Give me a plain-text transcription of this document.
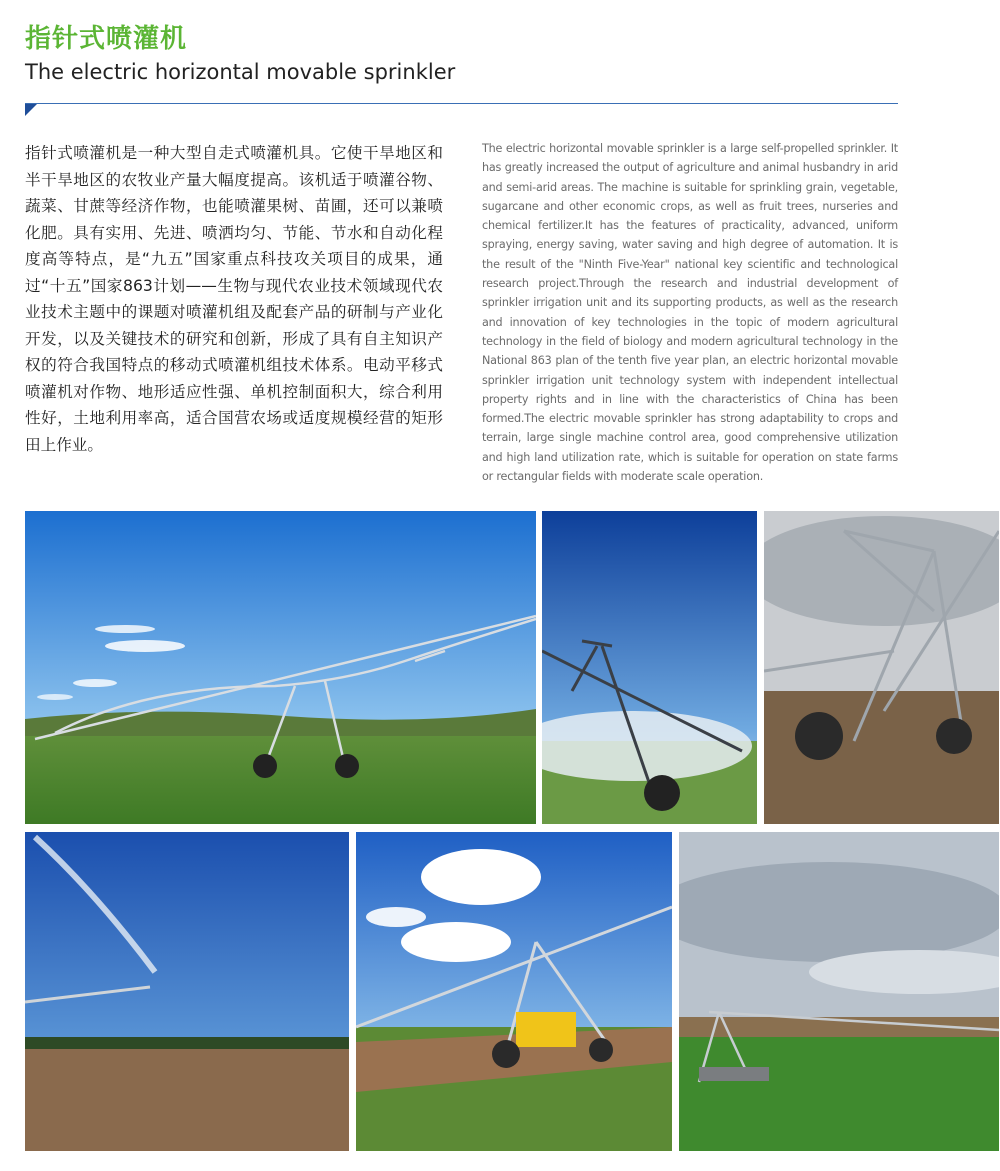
指针式喷灌机
The electric horizontal movable sprinkler
指针式喷灌机是一种大型自走式喷灌机具。它使干旱地区和半干旱地区的农牧业产量大幅度提高。该机适于喷灌谷物、蔬菜、甘蔗等经济作物，也能喷灌果树、苗圃，还可以兼喷化肥。具有实用、先进、喷洒均匀、节能、节水和自动化程度高等特点，是“九五”国家重点科技攻关项目的成果，通过“十五”国家863计划——生物与现代农业技术领域现代农业技术主题中的课题对喷灌机组及配套产品的研制与产业化开发，以及关键技术的研究和创新，形成了具有自主知识产权的符合我国特点的移动式喷灌机组技术体系。电动平移式喷灌机对作物、地形适应性强、单机控制面积大，综合利用性好，土地利用率高，适合国营农场或适度规模经营的矩形田上作业。
The electric horizontal movable sprinkler is a large self-propelled sprinkler. It has greatly increased the output of agriculture and animal husbandry in arid and semi-arid areas. The machine is suitable for sprinkling grain, vegetable, sugarcane and other economic crops, as well as fruit trees, nurseries and chemical fertilizer.It has the features of practicality, advanced, uniform spraying, energy saving, water saving and high degree of automation. It is the result of the "Ninth Five-Year" national key scientific and technological research project.Through the research and industrial development of sprinkler irrigation unit and its supporting products, as well as the research and innovation of key technologies in the topic of modern agricultural technology in the field of biology and modern agricultural technology in the National 863 plan of the tenth five year plan, an electric horizontal movable sprinkler irrigation unit technology system with independent intellectual property rights and in line with the characteristics of China has been formed.The electric movable sprinkler has strong adaptability to crops and terrain, large single machine control area, good comprehensive utilization and high land utilization rate, which is suitable for operation on state farms or rectangular fields with moderate scale operation.
